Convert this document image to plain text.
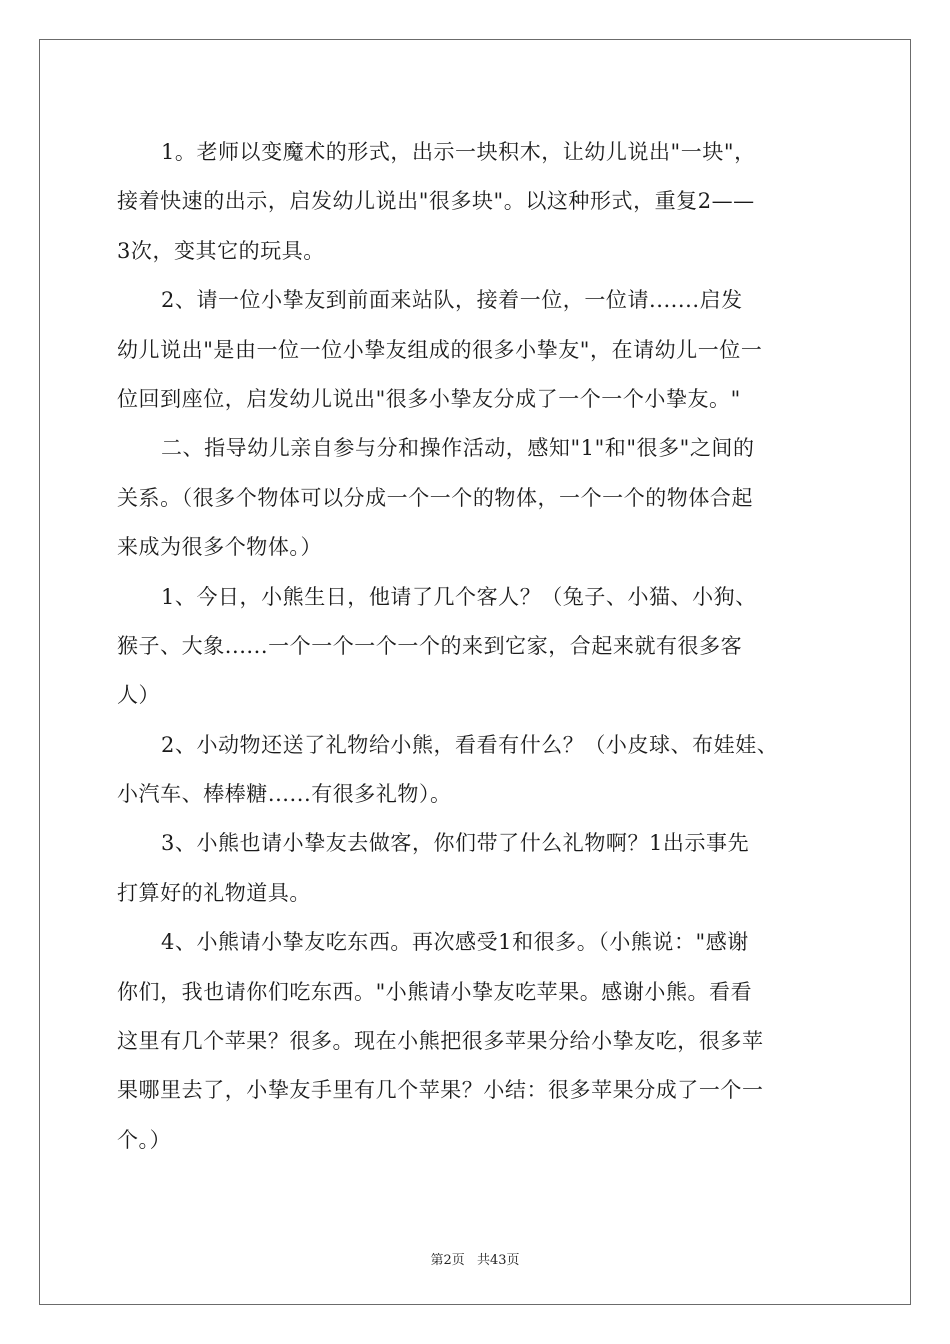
1。老师以变魔术的形式，出示一块积木，让幼儿说出"一块"，
接着快速的出示，启发幼儿说出"很多块"。以这种形式，重复2——
3次，变其它的玩具。
2、请一位小挚友到前面来站队，接着一位，一位请.......启发
幼儿说出"是由一位一位小挚友组成的很多小挚友"，在请幼儿一位一
位回到座位，启发幼儿说出"很多小挚友分成了一个一个小挚友。"
二、指导幼儿亲自参与分和操作活动，感知"1"和"很多"之间的
关系。（很多个物体可以分成一个一个的物体，一个一个的物体合起
来成为很多个物体。）
1、今日，小熊生日，他请了几个客人？（兔子、小猫、小狗、
猴子、大象......一个一个一个一个的来到它家，合起来就有很多客
人）
2、小动物还送了礼物给小熊，看看有什么？（小皮球、布娃娃、
小汽车、棒棒糖......有很多礼物）。
3、小熊也请小挚友去做客，你们带了什么礼物啊？1出示事先
打算好的礼物道具。
4、小熊请小挚友吃东西。再次感受1和很多。（小熊说："感谢
你们，我也请你们吃东西。"小熊请小挚友吃苹果。感谢小熊。看看
这里有几个苹果？很多。现在小熊把很多苹果分给小挚友吃，很多苹
果哪里去了，小挚友手里有几个苹果？小结：很多苹果分成了一个一
个。）
第2页 共43页
